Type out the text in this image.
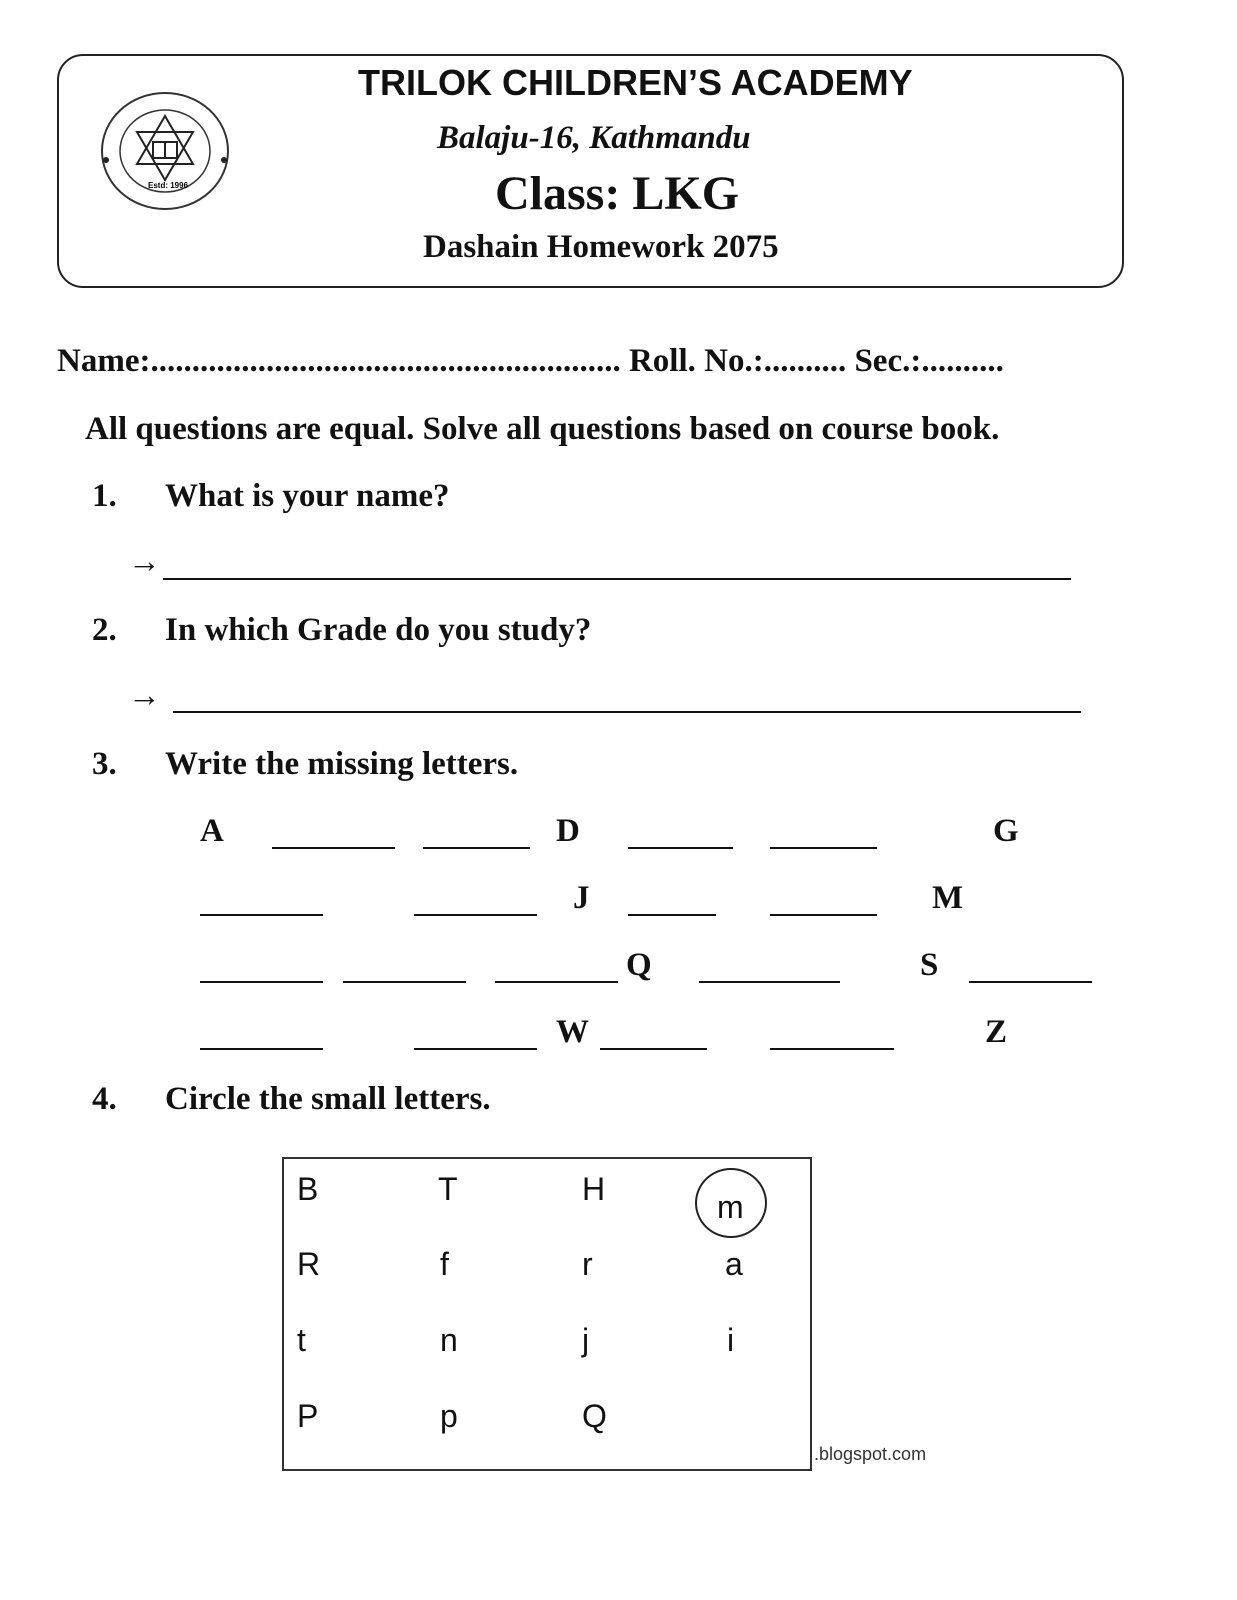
Estd: 1996
TRILOK CHILDREN’S ACADEMY
Balaju-16, Kathmandu
Class: LKG
Dashain Homework 2075
Name:......................................................... Roll. No.:.......... Sec.:..........
All questions are equal. Solve all questions based on course book.
1. What is your name?
→
2. In which Grade do you study?
→
3. Write the missing letters.
A	D	G
J	M
Q	S
W	Z
4. Circle the small letters.
B	T	H	m
R	f	r	a
t	n	j	i
P	p	Q
.blogspot.com
